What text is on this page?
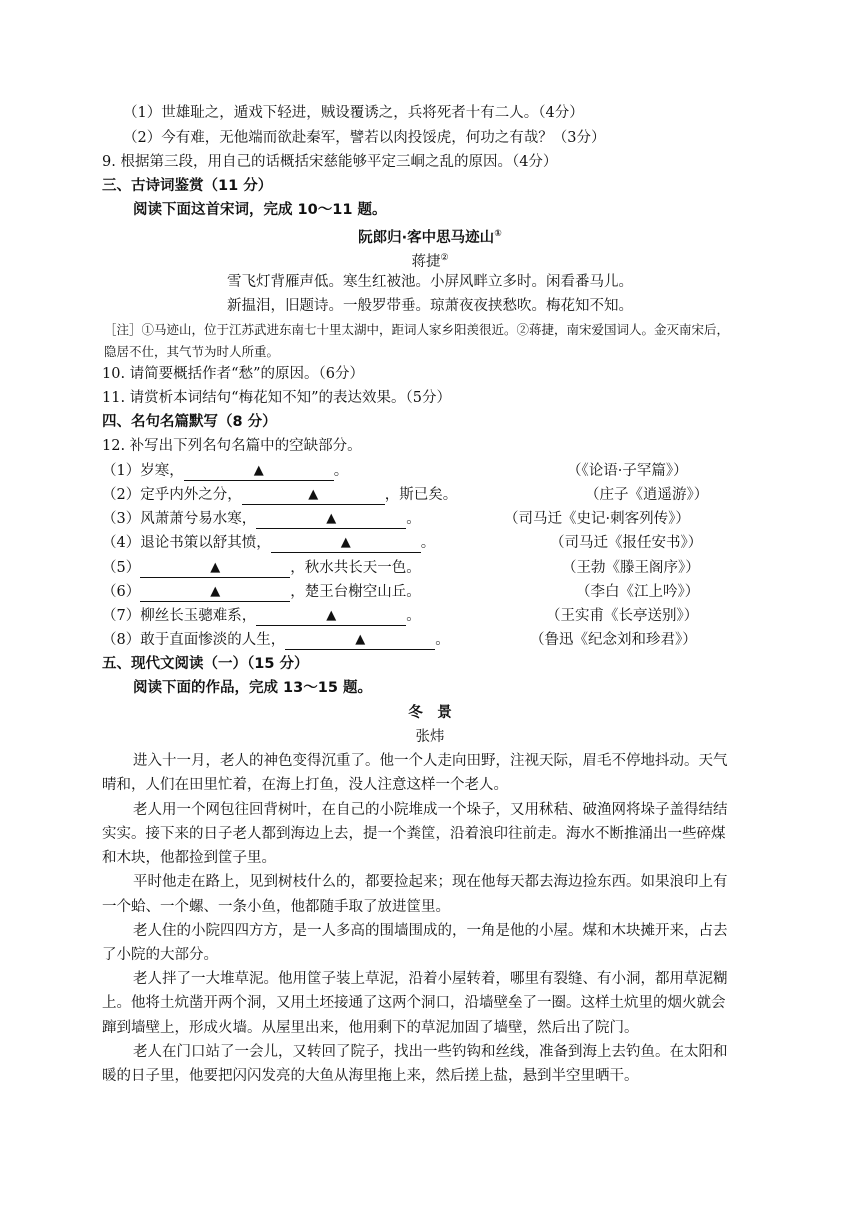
（1）世雄耻之，遁戏下轻进，贼设覆诱之，兵将死者十有二人。（4分）
（2）今有难，无他端而欲赴秦军，譬若以肉投馁虎，何功之有哉？（3分）
9. 根据第三段，用自己的话概括宋慈能够平定三峒之乱的原因。（4分）
三、古诗词鉴赏（11 分）
阅读下面这首宋词，完成 10～11 题。
阮郎归·客中思马迹山①
蒋捷②
雪飞灯背雁声低。寒生红被池。小屏风畔立多时。闲看番马儿。
新揾泪，旧题诗。一般罗带垂。琼萧夜夜挟愁吹。梅花知不知。
［注］①马迹山，位于江苏武进东南七十里太湖中，距词人家乡阳羡很近。②蒋捷，南宋爱国词人。金灭南宋后，
隐居不仕，其气节为时人所重。
10. 请简要概括作者“愁”的原因。（6分）
11. 请赏析本词结句“梅花知不知”的表达效果。（5分）
四、名句名篇默写（8 分）
12. 补写出下列名句名篇中的空缺部分。
（1）岁寒，	▲	。	（《论语·子罕篇》）
（2）定乎内外之分，	▲	，斯已矣。	（庄子《逍遥游》）
（3）风萧萧兮易水寒，	▲	。	（司马迁《史记·刺客列传》）
（4）退论书策以舒其愤，	▲	。	（司马迁《报任安书》）
（5）	▲	，秋水共长天一色。	（王勃《滕王阁序》）
（6）	▲	，楚王台榭空山丘。	（李白《江上吟》）
（7）柳丝长玉骢难系，	▲	。	（王实甫《长亭送别》）
（8）敢于直面惨淡的人生，	▲	。	（鲁迅《纪念刘和珍君》）
五、现代文阅读（一）（15 分）
阅读下面的作品，完成 13～15 题。
冬　景
张炜
进入十一月，老人的神色变得沉重了。他一个人走向田野，注视天际，眉毛不停地抖动。天气
晴和，人们在田里忙着，在海上打鱼，没人注意这样一个老人。
老人用一个网包往回背树叶，在自己的小院堆成一个垛子，又用秫秸、破渔网将垛子盖得结结
实实。接下来的日子老人都到海边上去，提一个粪筐，沿着浪印往前走。海水不断推涌出一些碎煤
和木块，他都捡到筐子里。
平时他走在路上，见到树枝什么的，都要捡起来；现在他每天都去海边捡东西。如果浪印上有
一个蛤、一个螺、一条小鱼，他都随手取了放进筐里。
老人住的小院四四方方，是一人多高的围墙围成的，一角是他的小屋。煤和木块摊开来，占去
了小院的大部分。
老人拌了一大堆草泥。他用筐子装上草泥，沿着小屋转着，哪里有裂缝、有小洞，都用草泥糊
上。他将土炕凿开两个洞，又用土坯接通了这两个洞口，沿墙壁垒了一圈。这样土炕里的烟火就会
蹿到墙壁上，形成火墙。从屋里出来，他用剩下的草泥加固了墙壁，然后出了院门。
老人在门口站了一会儿，又转回了院子，找出一些钓钩和丝线，准备到海上去钓鱼。在太阳和
暖的日子里，他要把闪闪发亮的大鱼从海里拖上来，然后搓上盐，悬到半空里晒干。
